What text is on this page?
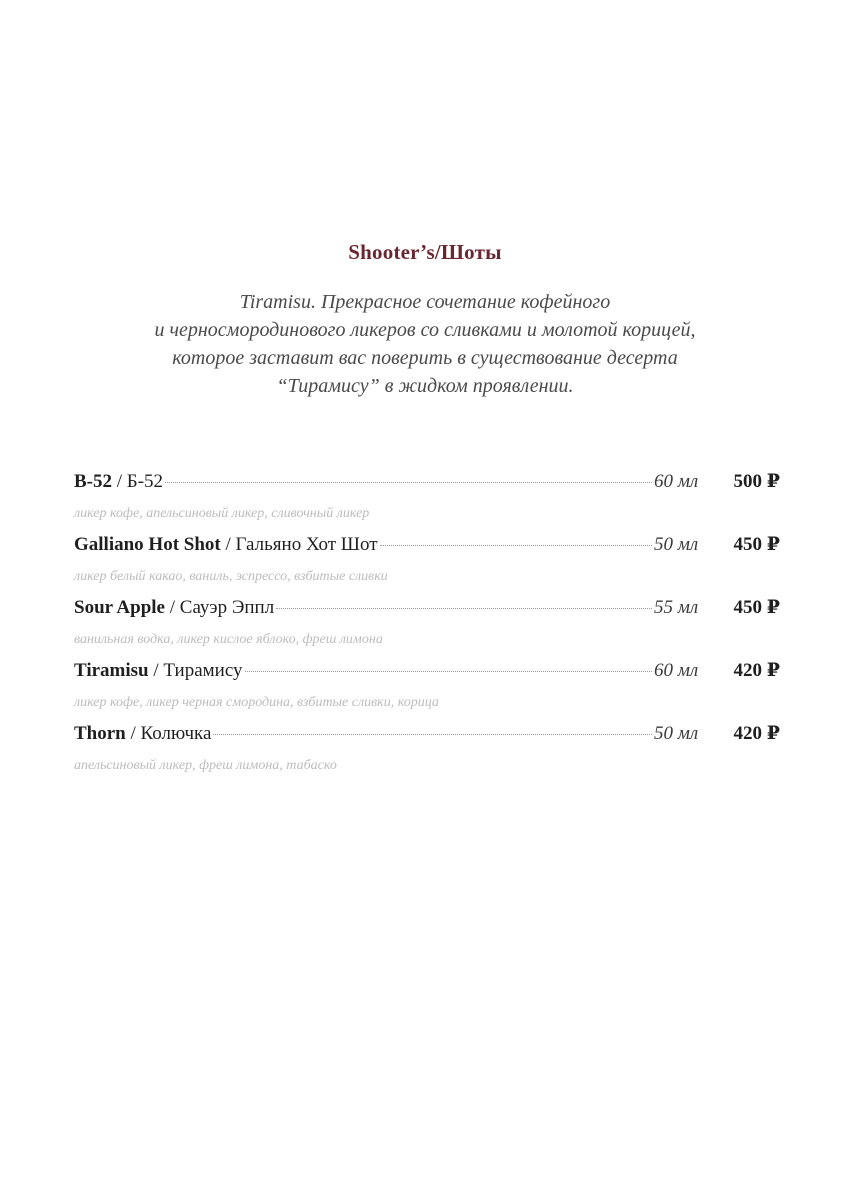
Shooter’s/Шоты
Tiramisu. Прекрасное сочетание кофейного
и черносмородинового ликеров со сливками и молотой корицей,
которое заставит вас поверить в существование десерта
“Тирамису” в жидком проявлении.
B-52 / Б-52	60 мл	500 ₽
ликер кофе, апельсиновый ликер, сливочный ликер
Galliano Hot Shot / Гальяно Хот Шот	50 мл	450 ₽
ликер белый какао, ваниль, эспрессо, взбитые сливки
Sour Apple / Сауэр Эппл	55 мл	450 ₽
ванильная водка, ликер кислое яблоко, фреш лимона
Tiramisu / Тирамису	60 мл	420 ₽
ликер кофе, ликер черная смородина, взбитые сливки, корица
Thorn / Колючка	50 мл	420 ₽
апельсиновый ликер, фреш лимона, табаско
